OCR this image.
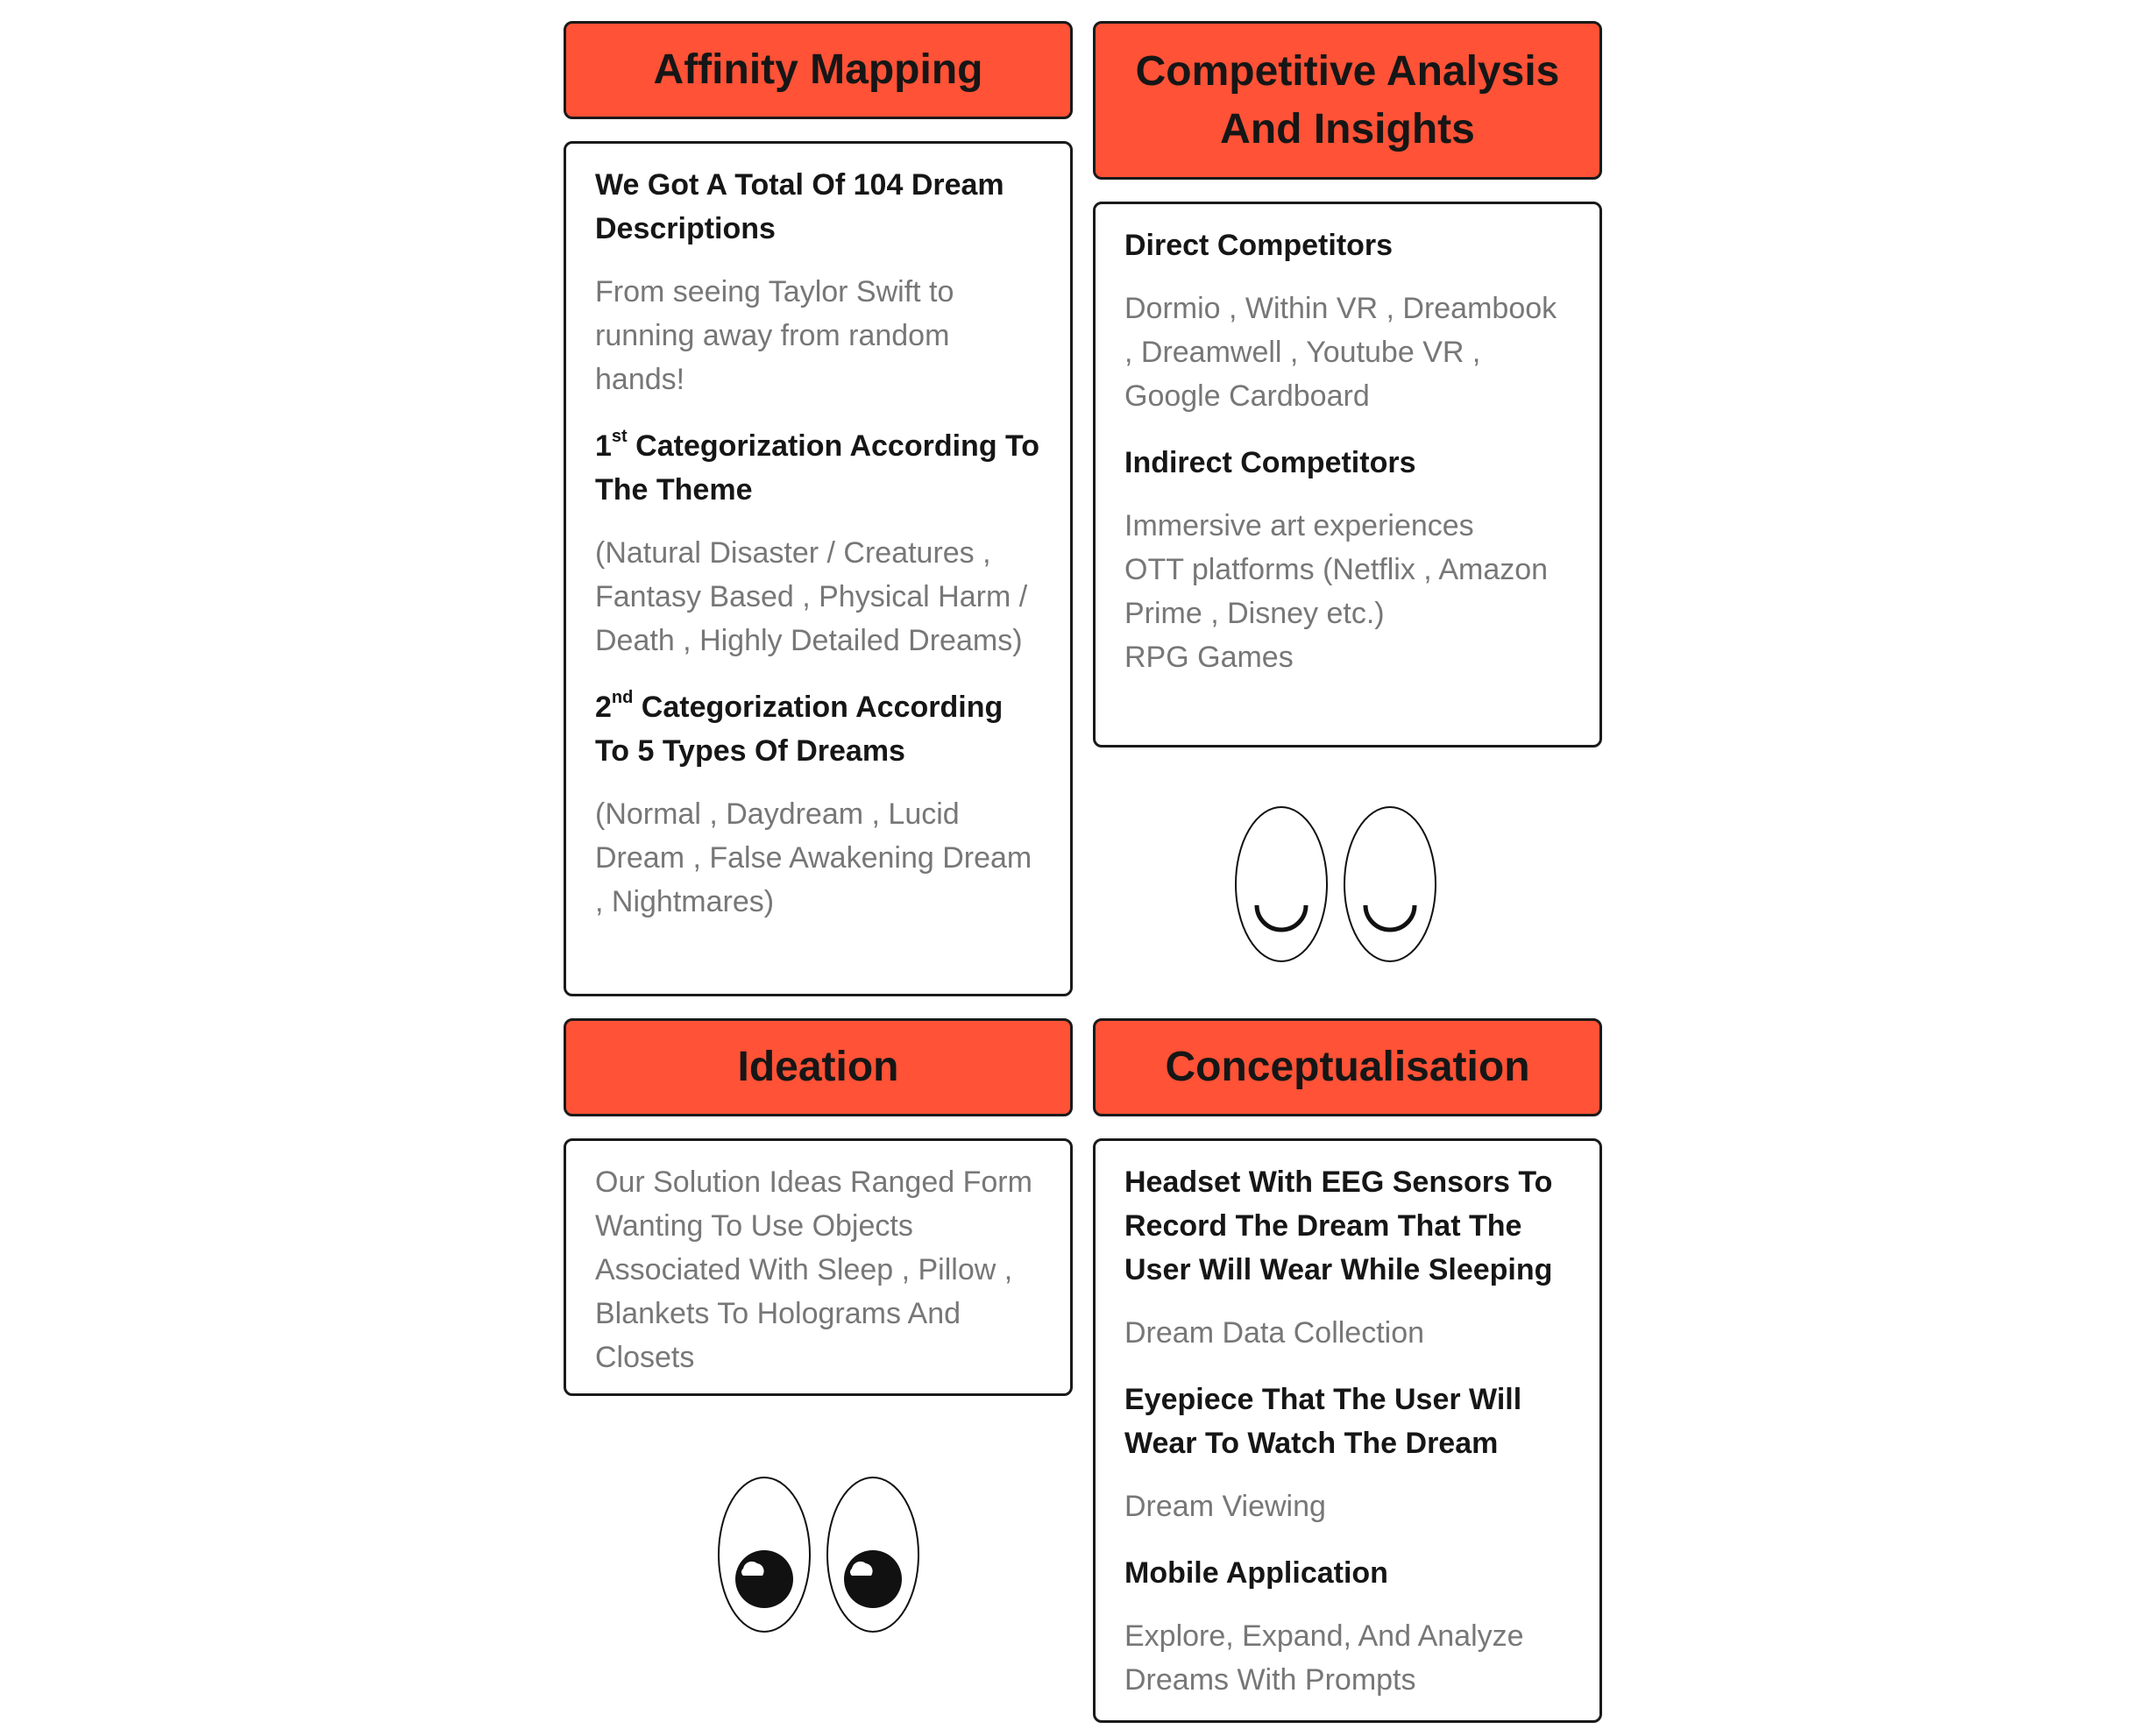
Affinity Mapping
We Got A Total Of 104 Dream Descriptions
From seeing Taylor Swift to running away from random hands!
1st Categorization According To The Theme
(Natural Disaster / Creatures , Fantasy Based , Physical Harm / Death , Highly Detailed Dreams)
2nd Categorization According To 5 Types Of Dreams
(Normal , Daydream , Lucid Dream , False Awakening Dream , Nightmares)
Competitive Analysis
And Insights
Direct Competitors
Dormio , Within VR , Dreambook , Dreamwell , Youtube VR , Google Cardboard
Indirect Competitors
Immersive art experiences
OTT platforms (Netflix , Amazon Prime , Disney etc.)
RPG Games
Ideation
Our Solution Ideas Ranged Form Wanting To Use Objects Associated With Sleep , Pillow , Blankets To Holograms And Closets
Conceptualisation
Headset With EEG Sensors To Record The Dream That The User Will Wear While Sleeping
Dream Data Collection
Eyepiece That The User Will Wear To Watch The Dream
Dream Viewing
Mobile Application
Explore, Expand, And Analyze Dreams With Prompts
